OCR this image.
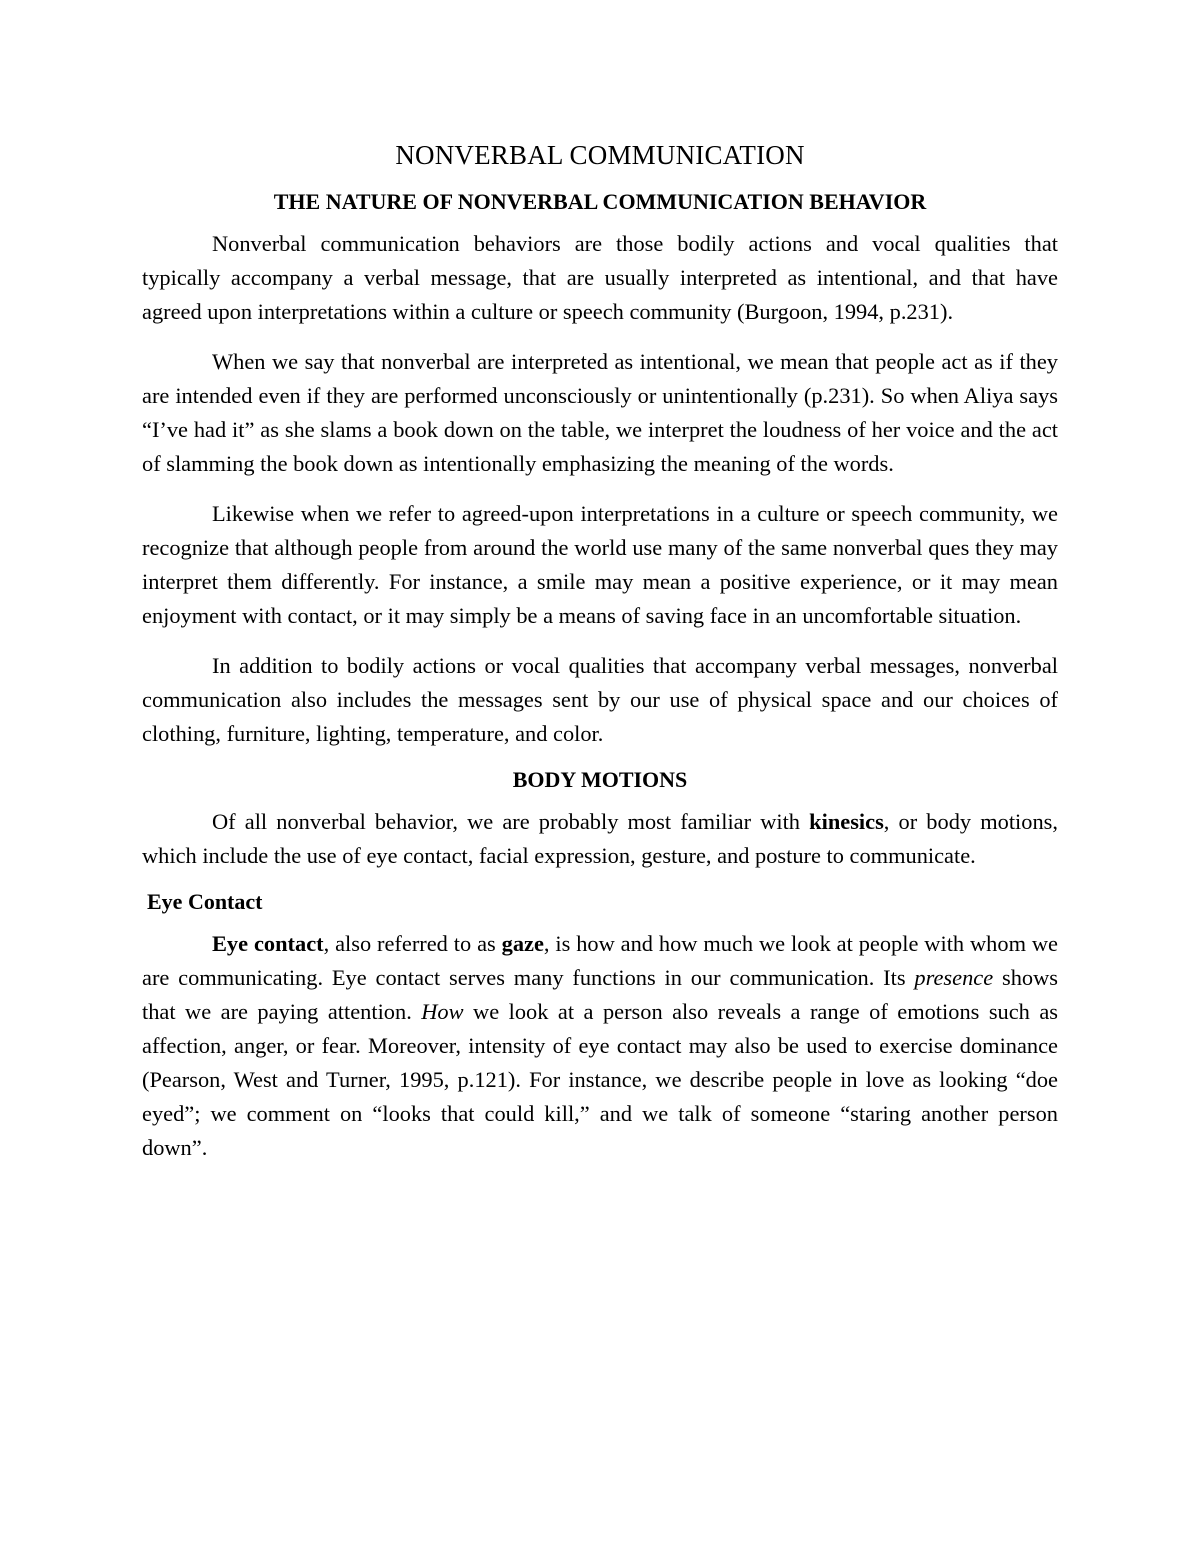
NONVERBAL COMMUNICATION
THE NATURE OF NONVERBAL COMMUNICATION BEHAVIOR

Nonverbal communication behaviors are those bodily actions and vocal qualities that typically accompany a verbal message, that are usually interpreted as intentional, and that have agreed upon interpretations within a culture or speech community (Burgoon, 1994, p.231).

When we say that nonverbal are interpreted as intentional, we mean that people act as if they are intended even if they are performed unconsciously or unintentionally (p.231). So when Aliya says “I’ve had it” as she slams a book down on the table, we interpret the loudness of her voice and the act of slamming the book down as intentionally emphasizing the meaning of the words.

Likewise when we refer to agreed-upon interpretations in a culture or speech community, we recognize that although people from around the world use many of the same nonverbal ques they may interpret them differently. For instance, a smile may mean a positive experience, or it may mean enjoyment with contact, or it may simply be a means of saving face in an uncomfortable situation.

In addition to bodily actions or vocal qualities that accompany verbal messages, nonverbal communication also includes the messages sent by our use of physical space and our choices of clothing, furniture, lighting, temperature, and color.

BODY MOTIONS

Of all nonverbal behavior, we are probably most familiar with kinesics, or body motions, which include the use of eye contact, facial expression, gesture, and posture to communicate.

Eye Contact

Eye contact, also referred to as gaze, is how and how much we look at people with whom we are communicating. Eye contact serves many functions in our communication. Its presence shows that we are paying attention. How we look at a person also reveals a range of emotions such as affection, anger, or fear. Moreover, intensity of eye contact may also be used to exercise dominance (Pearson, West and Turner, 1995, p.121). For instance, we describe people in love as looking “doe eyed”; we comment on “looks that could kill,” and we talk of someone “staring another person down”.
